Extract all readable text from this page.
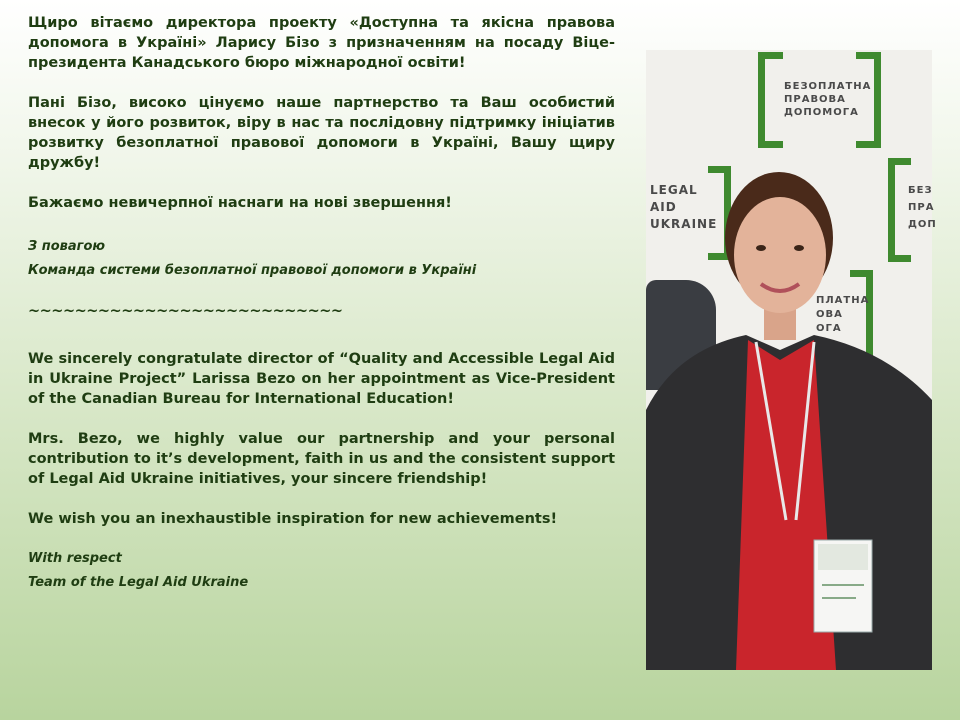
Щиро вітаємо директора проекту «Доступна та якісна правова допомога в Україні» Ларису Бізо з призначенням на посаду Віце-президента Канадського бюро міжнародної освіти!

Пані Бізо, високо цінуємо наше партнерство та Ваш особистий внесок у його розвиток, віру в нас та послідовну підтримку ініціатив розвитку безоплатної правової допомоги в Україні, Вашу щиру дружбу!

Бажаємо невичерпної наснаги на нові звершення!

З повагою

Команда системи безоплатної правової допомоги в Україні

~~~~~~~~~~~~~~~~~~~~~~~~~~~

We sincerely congratulate director of “Quality and Accessible Legal Aid in Ukraine Project” Larissa Bezo on her appointment as Vice-President of the Canadian Bureau for International Education!

Mrs. Bezo, we highly value our partnership and your personal contribution to it’s development, faith in us and the consistent support of Legal Aid Ukraine initiatives, your sincere friendship!

We wish you an inexhaustible inspiration for new achievements!

With respect

Team of the Legal Aid Ukraine

БЕЗОПЛАТНА
ПРАВОВА
ДОПОМОГА
LEGAL
AID
UKRAINE
БЕЗ
ПРА
ДОП
ПЛАТНА
ОВА
ОГА
